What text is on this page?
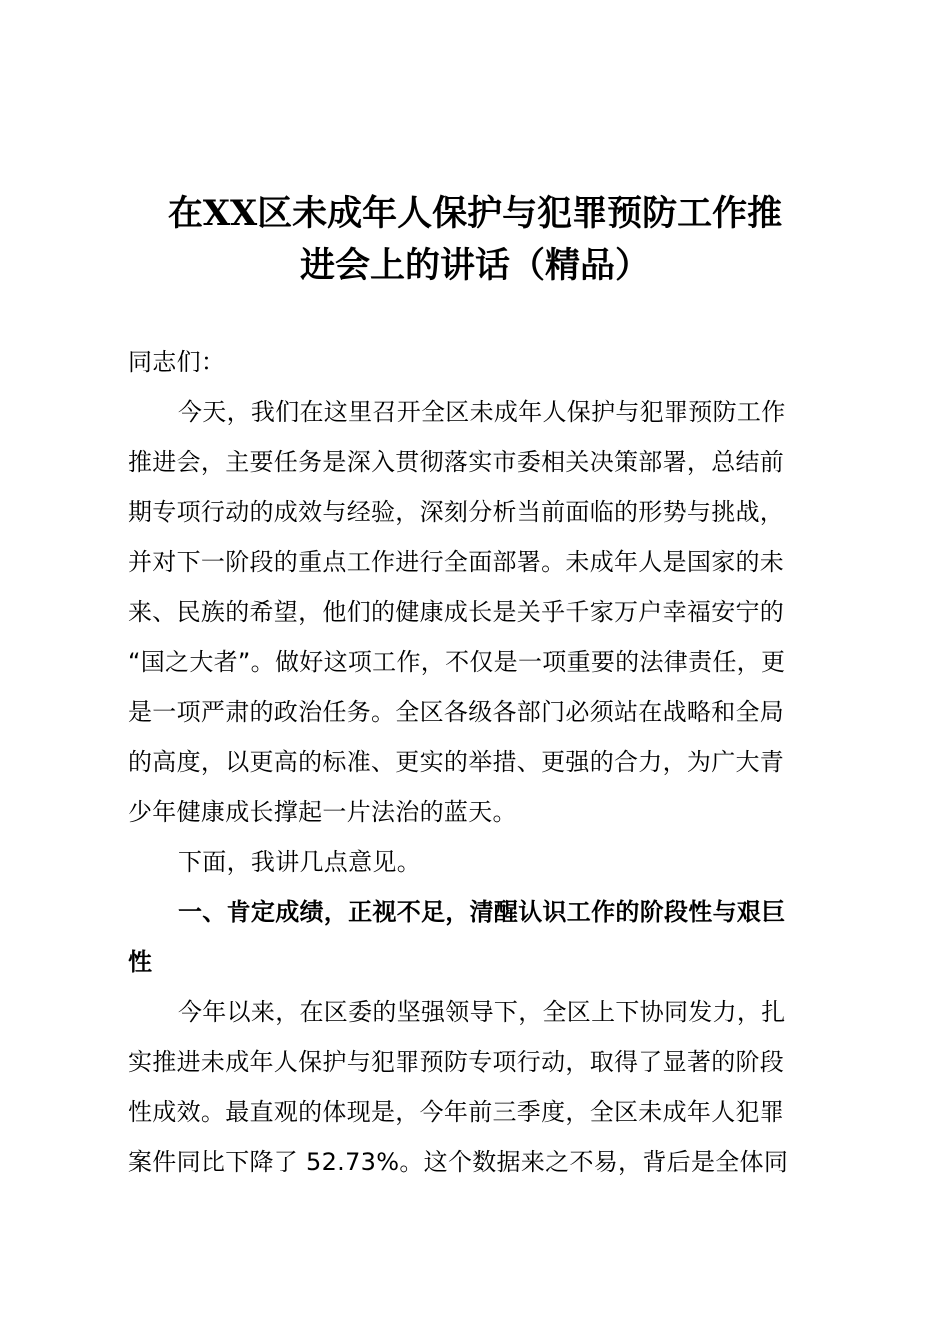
在XX区未成年人保护与犯罪预防工作推
进会上的讲话（精品）
同志们：
今天，我们在这里召开全区未成年人保护与犯罪预防工作
推进会，主要任务是深入贯彻落实市委相关决策部署，总结前
期专项行动的成效与经验，深刻分析当前面临的形势与挑战，
并对下一阶段的重点工作进行全面部署。未成年人是国家的未
来、民族的希望，他们的健康成长是关乎千家万户幸福安宁的
“国之大者”。做好这项工作，不仅是一项重要的法律责任，更
是一项严肃的政治任务。全区各级各部门必须站在战略和全局
的高度，以更高的标准、更实的举措、更强的合力，为广大青
少年健康成长撑起一片法治的蓝天。
下面，我讲几点意见。
一、肯定成绩，正视不足，清醒认识工作的阶段性与艰巨
性
今年以来，在区委的坚强领导下，全区上下协同发力，扎
实推进未成年人保护与犯罪预防专项行动，取得了显著的阶段
性成效。最直观的体现是，今年前三季度，全区未成年人犯罪
案件同比下降了 52.73%。这个数据来之不易，背后是全体同
